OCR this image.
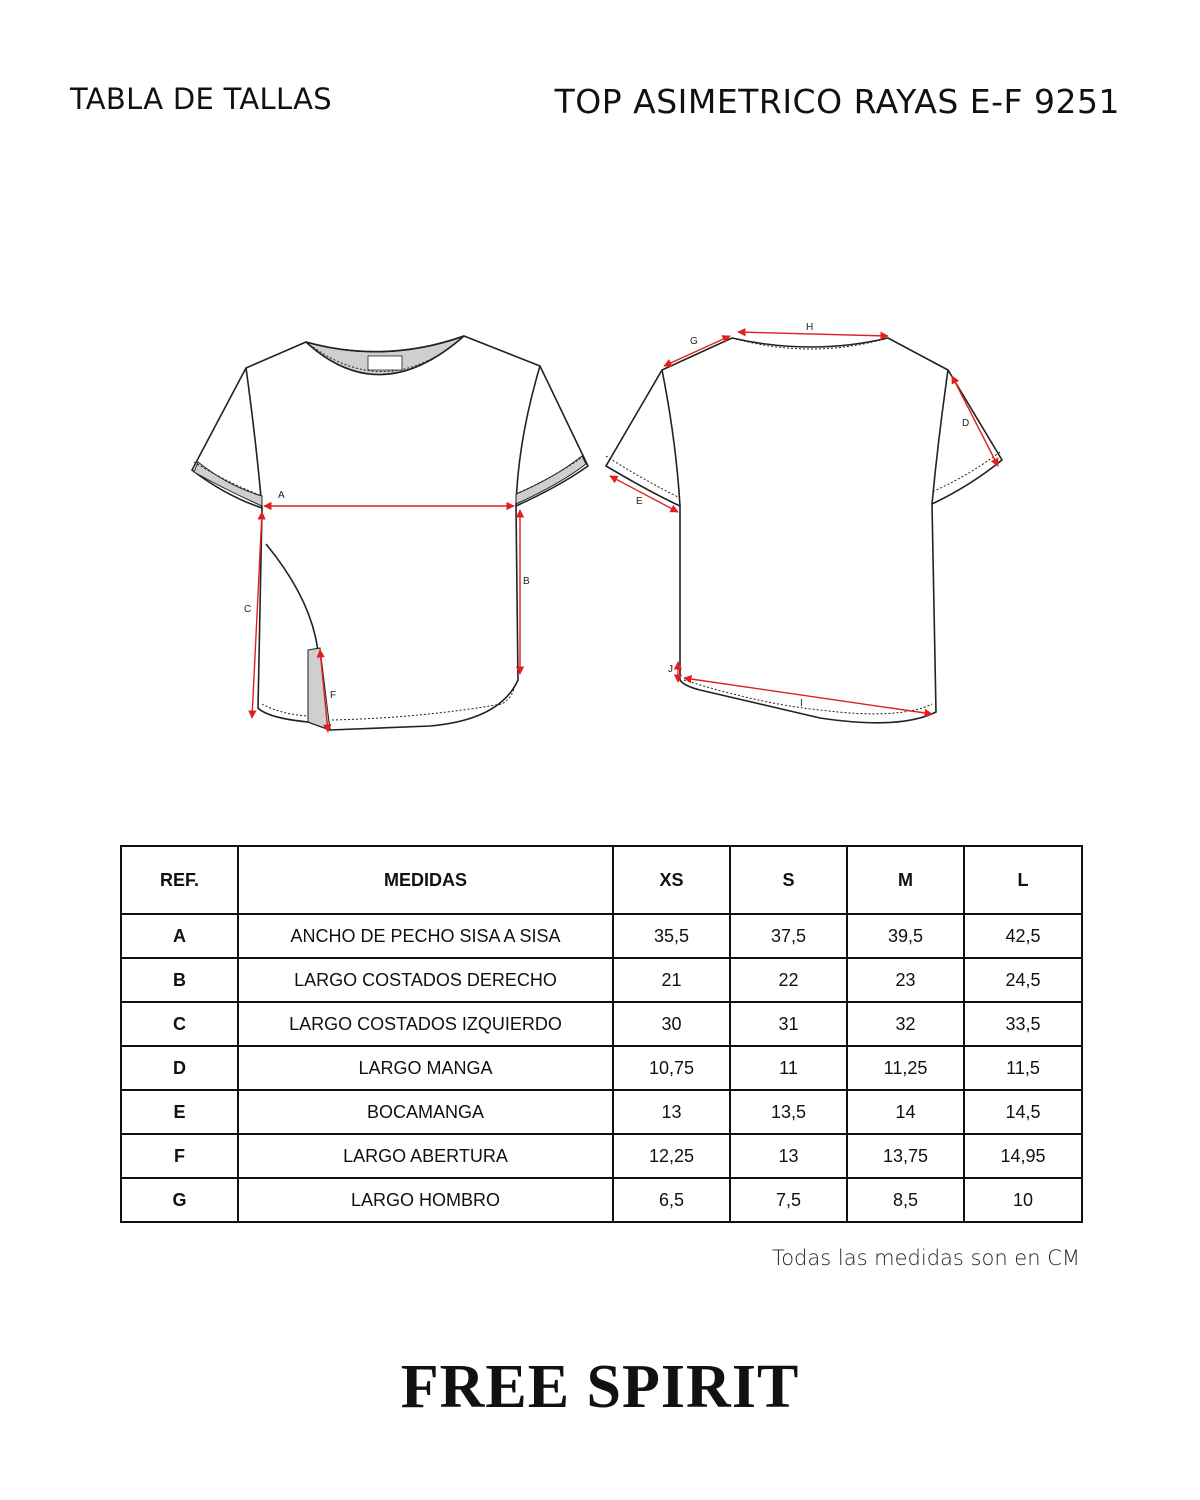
TABLA DE TALLAS	TOP ASIMETRICO RAYAS E-F 9251
A
B
C
F
G
H
D
E
J
I
REF.	MEDIDAS	XS	S	M	L
A	ANCHO DE PECHO SISA A SISA	35,5	37,5	39,5	42,5
B	LARGO COSTADOS DERECHO	21	22	23	24,5
C	LARGO COSTADOS IZQUIERDO	30	31	32	33,5
D	LARGO MANGA	10,75	11	11,25	11,5
E	BOCAMANGA	13	13,5	14	14,5
F	LARGO ABERTURA	12,25	13	13,75	14,95
G	LARGO HOMBRO	6,5	7,5	8,5	10
Todas las medidas son en CM
FREE SPIRIT
